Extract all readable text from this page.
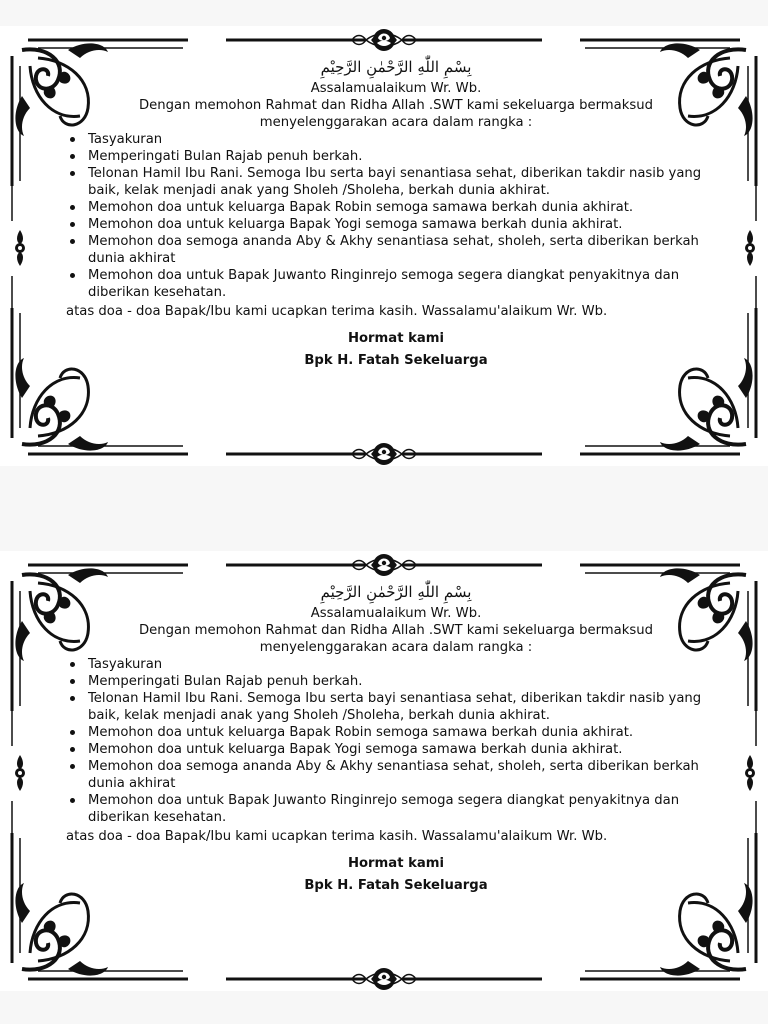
بِسْمِ اللّٰهِ الرَّحْمٰنِ الرَّحِيْمِ
Assalamualaikum Wr. Wb.
Dengan memohon Rahmat dan Ridha Allah .SWT kami sekeluarga bermaksud
menyelenggarakan acara dalam rangka :
Tasyakuran
Memperingati Bulan Rajab penuh berkah.
Telonan Hamil Ibu Rani. Semoga Ibu serta bayi senantiasa sehat, diberikan takdir nasib yang baik, kelak menjadi anak yang Sholeh /Sholeha, berkah dunia akhirat.
Memohon doa untuk keluarga Bapak Robin semoga samawa berkah dunia akhirat.
Memohon doa untuk keluarga Bapak Yogi semoga samawa berkah dunia akhirat.
Memohon doa semoga ananda Aby & Akhy senantiasa sehat, sholeh, serta diberikan berkah dunia akhirat
Memohon doa untuk Bapak Juwanto Ringinrejo semoga segera diangkat penyakitnya dan diberikan kesehatan.
atas doa - doa Bapak/Ibu kami ucapkan terima kasih. Wassalamu'alaikum Wr. Wb.
Hormat kami
Bpk H. Fatah Sekeluarga
بِسْمِ اللّٰهِ الرَّحْمٰنِ الرَّحِيْمِ
Assalamualaikum Wr. Wb.
Dengan memohon Rahmat dan Ridha Allah .SWT kami sekeluarga bermaksud
menyelenggarakan acara dalam rangka :
Tasyakuran
Memperingati Bulan Rajab penuh berkah.
Telonan Hamil Ibu Rani. Semoga Ibu serta bayi senantiasa sehat, diberikan takdir nasib yang baik, kelak menjadi anak yang Sholeh /Sholeha, berkah dunia akhirat.
Memohon doa untuk keluarga Bapak Robin semoga samawa berkah dunia akhirat.
Memohon doa untuk keluarga Bapak Yogi semoga samawa berkah dunia akhirat.
Memohon doa semoga ananda Aby & Akhy senantiasa sehat, sholeh, serta diberikan berkah dunia akhirat
Memohon doa untuk Bapak Juwanto Ringinrejo semoga segera diangkat penyakitnya dan diberikan kesehatan.
atas doa - doa Bapak/Ibu kami ucapkan terima kasih. Wassalamu'alaikum Wr. Wb.
Hormat kami
Bpk H. Fatah Sekeluarga
